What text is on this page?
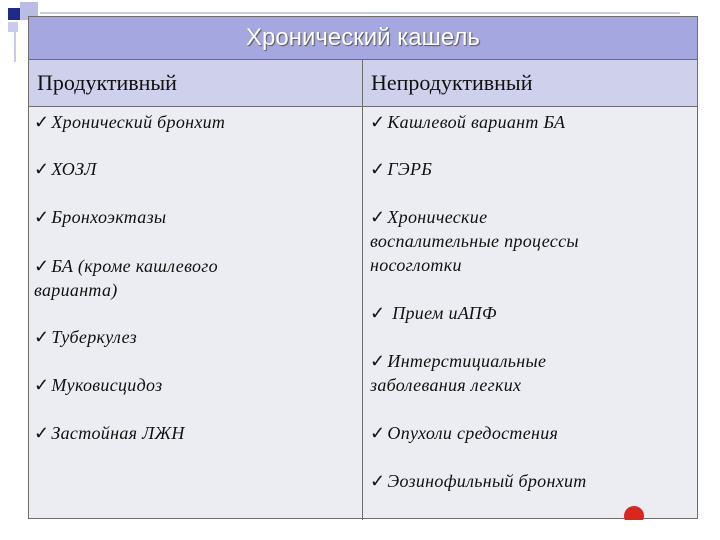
Хронический кашель
Продуктивный	Непродуктивный
✓ Хронический бронхит
✓ ХОЗЛ
✓ Бронхоэктазы
✓ БА (кроме кашлевого
варианта)
✓ Туберкулез
✓ Муковисцидоз
✓ Застойная ЛЖН
✓ Кашлевой вариант БА
✓ ГЭРБ
✓ Хронические
воспалительные процессы
носоглотки
✓ Прием иАПФ
✓ Интерстициальные
заболевания легких
✓ Опухоли средостения
✓ Эозинофильный бронхит
